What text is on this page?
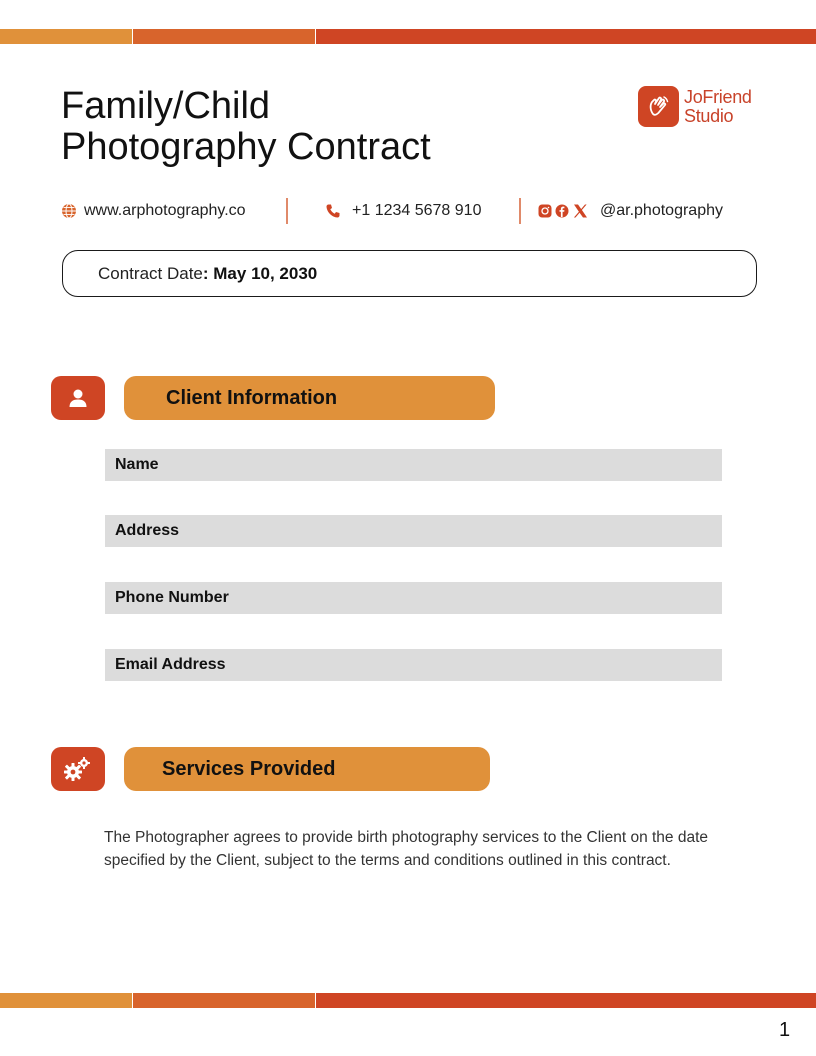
Family/Child
Photography Contract
JoFriend
Studio
www.arphotography.co	+1 1234 5678 910	@ar.photography
Contract Date : May 10, 2030
Client Information
Name
Address
Phone Number
Email Address
Services Provided
The Photographer agrees to provide birth photography services to the Client on the date specified by the Client, subject to the terms and conditions outlined in this contract.
1
